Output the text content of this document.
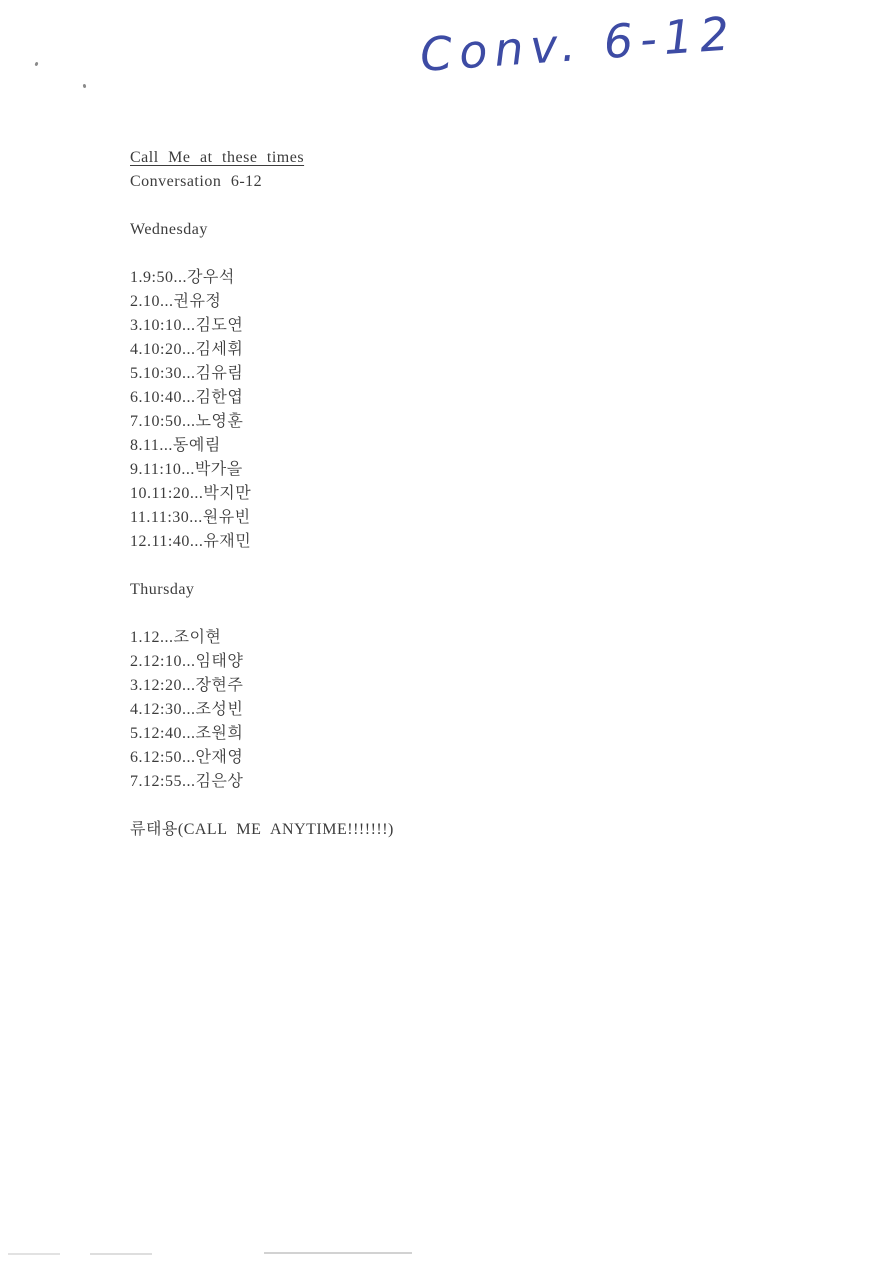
Conv. 6-12
Call Me at these times
Conversation 6-12
Wednesday
1.9:50...강우석
2.10...권유정
3.10:10...김도연
4.10:20...김세휘
5.10:30...김유림
6.10:40...김한엽
7.10:50...노영훈
8.11...동예림
9.11:10...박가을
10.11:20...박지만
11.11:30...원유빈
12.11:40...유재민
Thursday
1.12...조이현
2.12:10...임태양
3.12:20...장현주
4.12:30...조성빈
5.12:40...조원희
6.12:50...안재영
7.12:55...김은상
류태용(CALL ME ANYTIME!!!!!!!)
